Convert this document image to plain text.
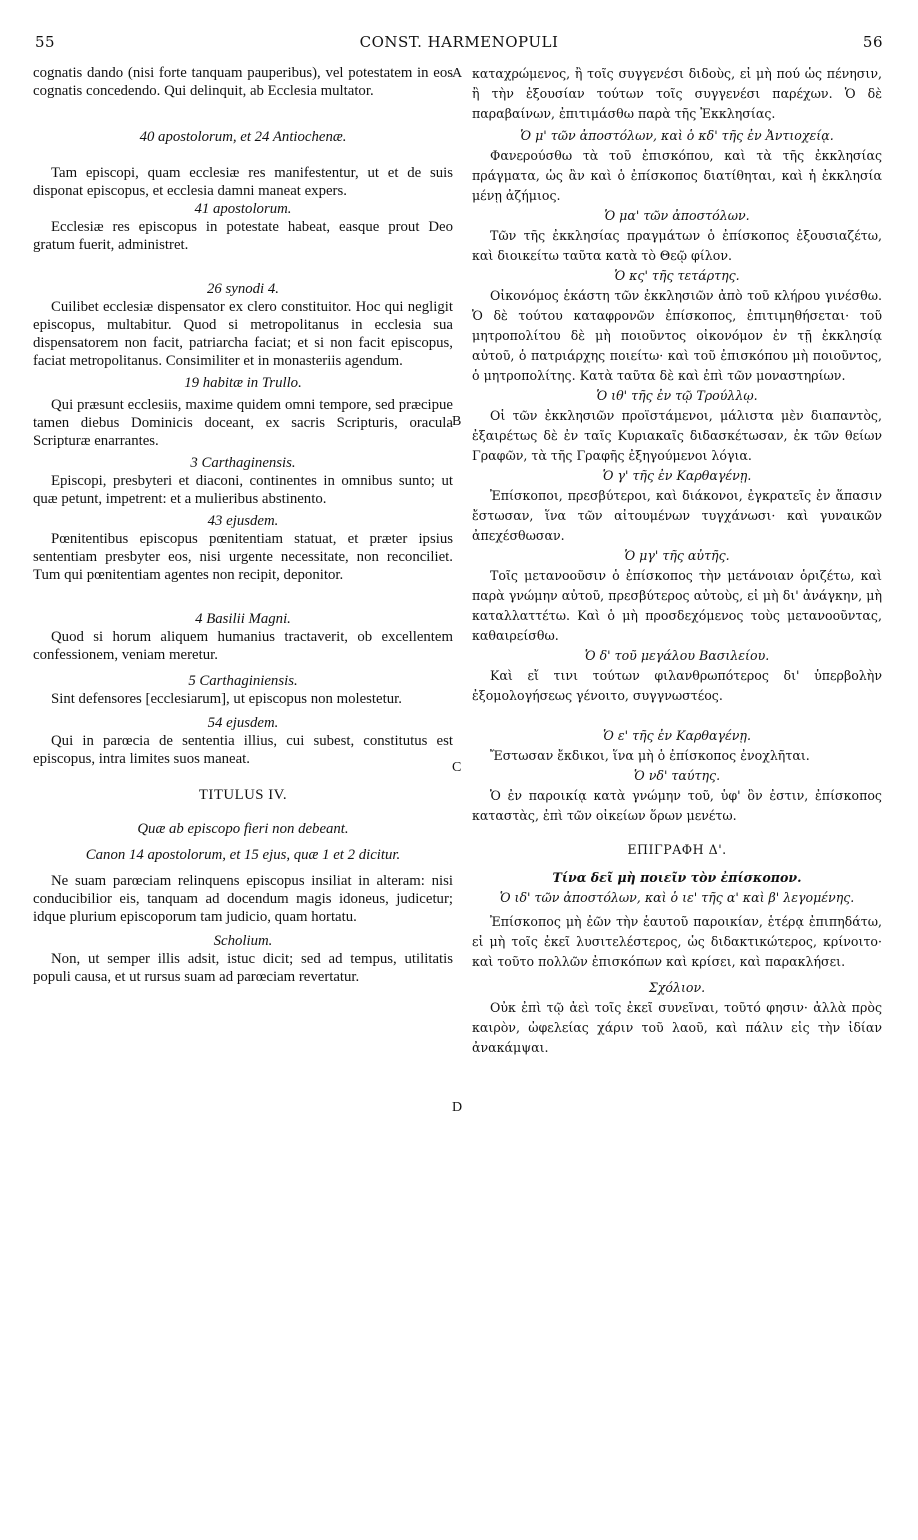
55	CONST. HARMENOPULI	56
A
B
C
D

cognatis dando (nisi forte tanquam pauperibus), vel potestatem in eos cognatis concedendo. Qui delinquit, ab Ecclesia multator.

40 apostolorum, et 24 Antiochenæ.

Tam episcopi, quam ecclesiæ res manifestentur, ut et de suis disponat episcopus, et ecclesia damni maneat expers.

41 apostolorum.

Ecclesiæ res episcopus in potestate habeat, easque prout Deo gratum fuerit, administret.

26 synodi 4.

Cuilibet ecclesiæ dispensator ex clero constituitor. Hoc qui negligit episcopus, multabitur. Quod si metropolitanus in ecclesia sua dispensatorem non facit, patriarcha faciat; et si non facit episcopus, faciat metropolitanus. Consimiliter et in monasteriis agendum.

19 habitæ in Trullo.

Qui præsunt ecclesiis, maxime quidem omni tempore, sed præcipue tamen diebus Dominicis doceant, ex sacris Scripturis, oracula Scripturæ enarrantes.

3 Carthaginensis.

Episcopi, presbyteri et diaconi, continentes in omnibus sunto; ut quæ petunt, impetrent: et a mulieribus abstinento.

43 ejusdem.

Pœnitentibus episcopus pœnitentiam statuat, et præter ipsius sententiam presbyter eos, nisi urgente necessitate, non reconciliet. Tum qui pœnitentiam agentes non recipit, deponitor.

4 Basilii Magni.

Quod si horum aliquem humanius tractaverit, ob excellentem confessionem, veniam meretur.

5 Carthaginiensis.

Sint defensores [ecclesiarum], ut episcopus non molestetur.

54 ejusdem.

Qui in parœcia de sententia illius, cui subest, constitutus est episcopus, intra limites suos maneat.

TITULUS IV.
Quæ ab episcopo fieri non debeant.
Canon 14 apostolorum, et 15 ejus, quæ 1 et 2 dicitur.

Ne suam parœciam relinquens episcopus insiliat in alteram: nisi conducibilior eis, tanquam ad docendum magis idoneus, judicetur; idque plurium episcoporum tam judicio, quam hortatu.

Scholium.

Non, ut semper illis adsit, istuc dicit; sed ad tempus, utilitatis populi causa, et ut rursus suam ad parœciam revertatur.

καταχρώμενος, ἢ τοῖς συγγενέσι διδοὺς, εἰ μὴ πού ὡς πένησιν, ἢ τὴν ἐξουσίαν τούτων τοῖς συγγενέσι παρέχων. Ὁ δὲ παραβαίνων, ἐπιτιμάσθω παρὰ τῆς Ἐκκλησίας.

Ὁ μ' τῶν ἀποστόλων, καὶ ὁ κδ' τῆς ἐν Ἀντιοχείᾳ.

Φανερούσθω τὰ τοῦ ἐπισκόπου, καὶ τὰ τῆς ἐκκλησίας πράγματα, ὡς ἂν καὶ ὁ ἐπίσκοπος διατίθηται, καὶ ἡ ἐκκλησία μένῃ ἀζήμιος.

Ὁ μα' τῶν ἀποστόλων.

Τῶν τῆς ἐκκλησίας πραγμάτων ὁ ἐπίσκοπος ἐξουσιαζέτω, καὶ διοικείτω ταῦτα κατὰ τὸ Θεῷ φίλον.

Ὁ κς' τῆς τετάρτης.

Οἰκονόμος ἑκάστη τῶν ἐκκλησιῶν ἀπὸ τοῦ κλήρου γινέσθω. Ὁ δὲ τούτου καταφρονῶν ἐπίσκοπος, ἐπιτιμηθήσεται· τοῦ μητροπολίτου δὲ μὴ ποιοῦντος οἰκονόμον ἐν τῇ ἐκκλησίᾳ αὐτοῦ, ὁ πατριάρχης ποιείτω· καὶ τοῦ ἐπισκόπου μὴ ποιοῦντος, ὁ μητροπολίτης. Κατὰ ταῦτα δὲ καὶ ἐπὶ τῶν μοναστηρίων.

Ὁ ιθ' τῆς ἐν τῷ Τρούλλῳ.

Οἱ τῶν ἐκκλησιῶν προϊστάμενοι, μάλιστα μὲν διαπαντὸς, ἐξαιρέτως δὲ ἐν ταῖς Κυριακαῖς διδασκέτωσαν, ἐκ τῶν θείων Γραφῶν, τὰ τῆς Γραφῆς ἐξηγούμενοι λόγια.

Ὁ γ' τῆς ἐν Καρθαγένῃ.

Ἐπίσκοποι, πρεσβύτεροι, καὶ διάκονοι, ἐγκρατεῖς ἐν ἅπασιν ἔστωσαν, ἵνα τῶν αἰτουμένων τυγχάνωσι· καὶ γυναικῶν ἀπεχέσθωσαν.

Ὁ μγ' τῆς αὐτῆς.

Τοῖς μετανοοῦσιν ὁ ἐπίσκοπος τὴν μετάνοιαν ὁριζέτω, καὶ παρὰ γνώμην αὐτοῦ, πρεσβύτερος αὐτοὺς, εἰ μὴ δι' ἀνάγκην, μὴ καταλλαττέτω. Καὶ ὁ μὴ προσδεχόμενος τοὺς μετανοοῦντας, καθαιρείσθω.

Ὁ δ' τοῦ μεγάλου Βασιλείου.

Καὶ εἴ τινι τούτων φιλανθρωπότερος δι' ὑπερβολὴν ἐξομολογήσεως γένοιτο, συγγνωστέος.

Ὁ ε' τῆς ἐν Καρθαγένῃ.

Ἔστωσαν ἔκδικοι, ἵνα μὴ ὁ ἐπίσκοπος ἐνοχλῆται.

Ὁ νδ' ταύτης.

Ὁ ἐν παροικίᾳ κατὰ γνώμην τοῦ, ὑφ' ὃν ἐστιν, ἐπίσκοπος καταστὰς, ἐπὶ τῶν οἰκείων ὅρων μενέτω.

ΕΠΙΓΡΑΦΗ Δ'.
Τίνα δεῖ μὴ ποιεῖν τὸν ἐπίσκοπον.
Ὁ ιδ' τῶν ἀποστόλων, καὶ ὁ ιε' τῆς α' καὶ β' λεγομένης.

Ἐπίσκοπος μὴ ἐῶν τὴν ἑαυτοῦ παροικίαν, ἑτέρᾳ ἐπιπηδάτω, εἰ μὴ τοῖς ἐκεῖ λυσιτελέστερος, ὡς διδακτικώτερος, κρίνοιτο· καὶ τοῦτο πολλῶν ἐπισκόπων καὶ κρίσει, καὶ παρακλήσει.

Σχόλιον.

Οὐκ ἐπὶ τῷ ἀεὶ τοῖς ἐκεῖ συνεῖναι, τοῦτό φησιν· ἀλλὰ πρὸς καιρὸν, ὠφελείας χάριν τοῦ λαοῦ, καὶ πάλιν εἰς τὴν ἰδίαν ἀνακάμψαι.
